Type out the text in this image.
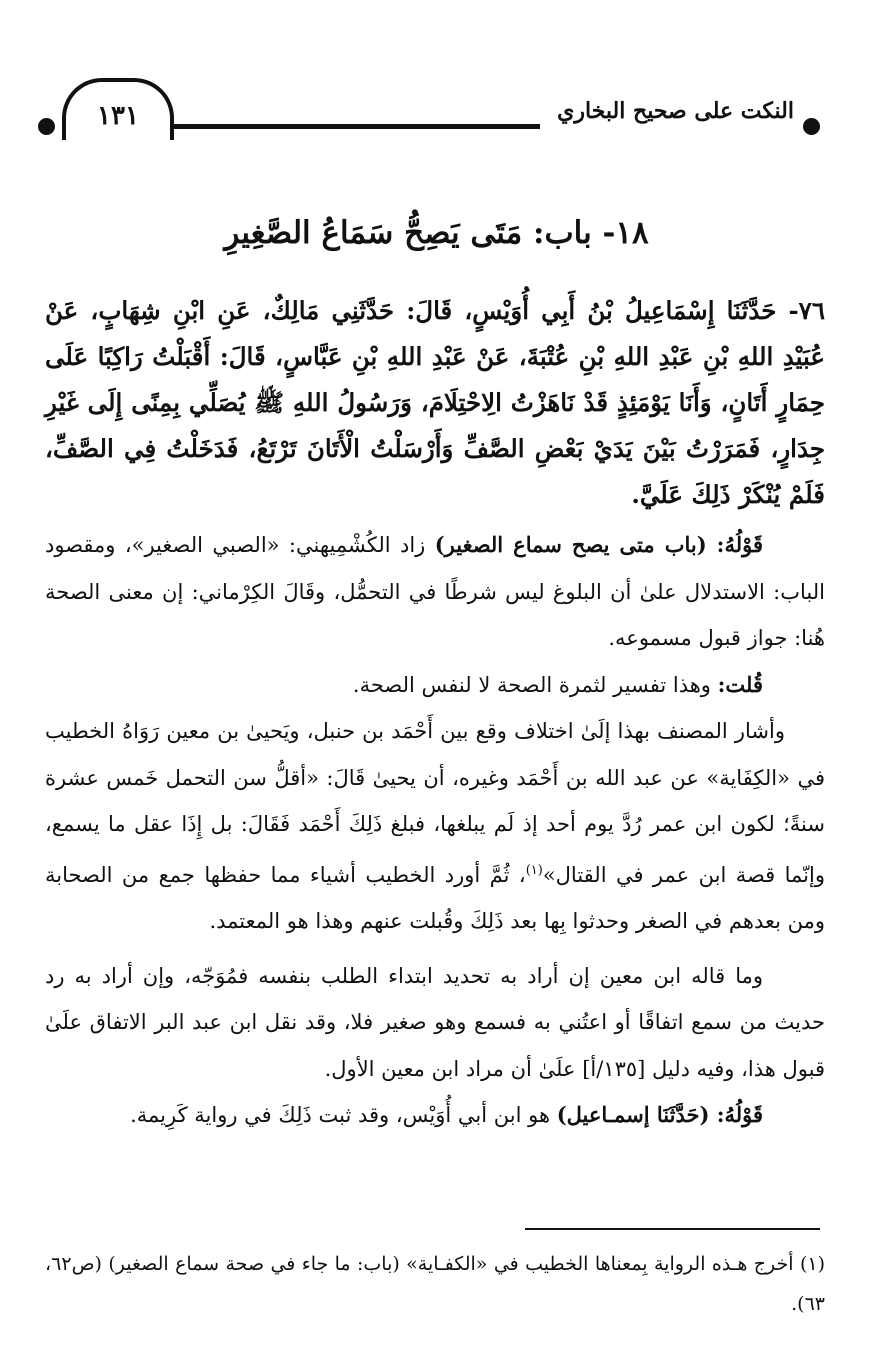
١٣١	النكت على صحيح البخاري
١٨- باب: مَتَى يَصِحُّ سَمَاعُ الصَّغِيرِ
٧٦- حَدَّثَنَا إِسْمَاعِيلُ بْنُ أَبِي أُوَيْسٍ، قَالَ: حَدَّثَنِي مَالِكٌ، عَنِ ابْنِ شِهَابٍ، عَنْ عُبَيْدِ اللهِ بْنِ عَبْدِ اللهِ بْنِ عُتْبَةَ، عَنْ عَبْدِ اللهِ بْنِ عَبَّاسٍ، قَالَ: أَقْبَلْتُ رَاكِبًا عَلَى حِمَارٍ أَتَانٍ، وَأَنَا يَوْمَئِذٍ قَدْ نَاهَزْتُ الِاحْتِلَامَ، وَرَسُولُ اللهِ ﷺ يُصَلِّي بِمِنًى إِلَى غَيْرِ جِدَارٍ، فَمَرَرْتُ بَيْنَ يَدَيْ بَعْضِ الصَّفِّ وَأَرْسَلْتُ الْأَتَانَ تَرْتَعُ، فَدَخَلْتُ فِي الصَّفِّ، فَلَمْ يُنْكَرْ ذَلِكَ عَلَيَّ.

قَوْلُهُ: (باب متى يصح سماع الصغير) زاد الكُشْمِيهني: «الصبي الصغير»، ومقصود الباب: الاستدلال علىٰ أن البلوغ ليس شرطًا في التحمُّل، وقَالَ الكِرْماني: إن معنى الصحة هُنا: جواز قبول مسموعه.

قُلت: وهذا تفسير لثمرة الصحة لا لنفس الصحة.

وأشار المصنف بهذا إلَىٰ اختلاف وقع بين أَحْمَد بن حنبل، ويَحيىٰ بن معين رَوَاهُ الخطيب في «الكِفَاية» عن عبد الله بن أَحْمَد وغيره، أن يحيىٰ قَالَ: «أقلُّ سن التحمل خَمس عشرة سنةً؛ لكون ابن عمر رُدَّ يوم أحد إذ لَم يبلغها، فبلغ ذَلِكَ أَحْمَد فَقَالَ: بل إِذَا عقل ما يسمع، وإنّما قصة ابن عمر في القتال»$^{(١)}$، ثُمَّ أورد الخطيب أشياء مما حفظها جمع من الصحابة ومن بعدهم في الصغر وحدثوا بِها بعد ذَلِكَ وقُبلت عنهم وهذا هو المعتمد.

وما قاله ابن معين إن أراد به تحديد ابتداء الطلب بنفسه فمُوَجّه، وإن أراد به رد حديث من سمع اتفاقًا أو اعتُني به فسمع وهو صغير فلا، وقد نقل ابن عبد البر الاتفاق علَىٰ قبول هذا، وفيه دليل [١٣٥/أ] علَىٰ أن مراد ابن معين الأول.

قَوْلُهُ: (حَدَّثَنَا إسمـاعيل) هو ابن أبي أُوَيْس، وقد ثبت ذَلِكَ في رواية كَرِيمة.

(١) أخرج هـذه الرواية بِمعناها الخطيب في «الكفـاية» (باب: ما جاء في صحة سماع الصغير) (ص٦٢، ٦٣).
